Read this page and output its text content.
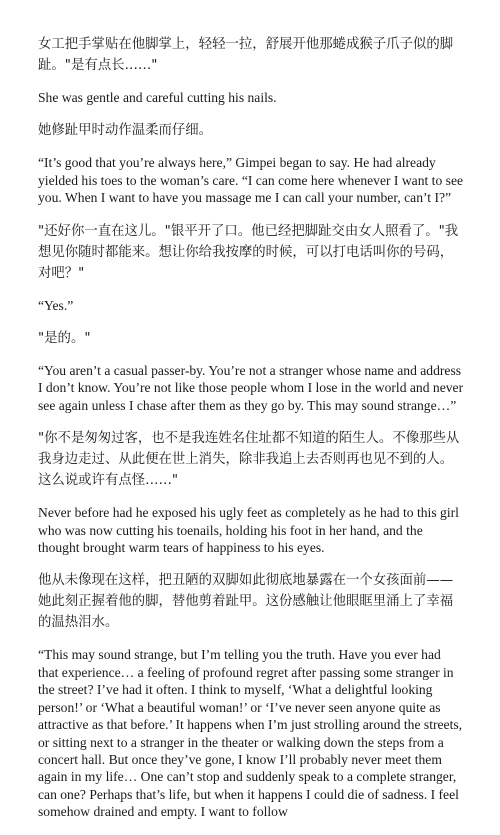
女工把手掌贴在他脚掌上，轻轻一拉，舒展开他那蜷成猴子爪子似的脚趾。"是有点长……"

She was gentle and careful cutting his nails.

她修趾甲时动作温柔而仔细。

“It’s good that you’re always here,” Gimpei began to say. He had already yielded his toes to the woman’s care. “I can come here whenever I want to see you. When I want to have you massage me I can call your number, can’t I?”

"还好你一直在这儿。"银平开了口。他已经把脚趾交由女人照看了。"我想见你随时都能来。想让你给我按摩的时候，可以打电话叫你的号码，对吧？"

“Yes.”

"是的。"

“You aren’t a casual passer-by. You’re not a stranger whose name and address I don’t know. You’re not like those people whom I lose in the world and never see again unless I chase after them as they go by. This may sound strange…”

"你不是匆匆过客，也不是我连姓名住址都不知道的陌生人。不像那些从我身边走过、从此便在世上消失，除非我追上去否则再也见不到的人。这么说或许有点怪……"

Never before had he exposed his ugly feet as completely as he had to this girl who was now cutting his toenails, holding his foot in her hand, and the thought brought warm tears of happiness to his eyes.

他从未像现在这样，把丑陋的双脚如此彻底地暴露在一个女孩面前——她此刻正握着他的脚，替他剪着趾甲。这份感触让他眼眶里涌上了幸福的温热泪水。

“This may sound strange, but I’m telling you the truth. Have you ever had that experience… a feeling of profound regret after passing some stranger in the street? I’ve had it often. I think to myself, ‘What a delightful looking person!’ or ‘What a beautiful woman!’ or ‘I’ve never seen anyone quite as attractive as that before.’ It happens when I’m just strolling around the streets, or sitting next to a stranger in the theater or walking down the steps from a concert hall. But once they’ve gone, I know I’ll probably never meet them again in my life… One can’t stop and suddenly speak to a complete stranger, can one? Perhaps that’s life, but when it happens I could die of sadness. I feel somehow drained and empty. I want to follow
